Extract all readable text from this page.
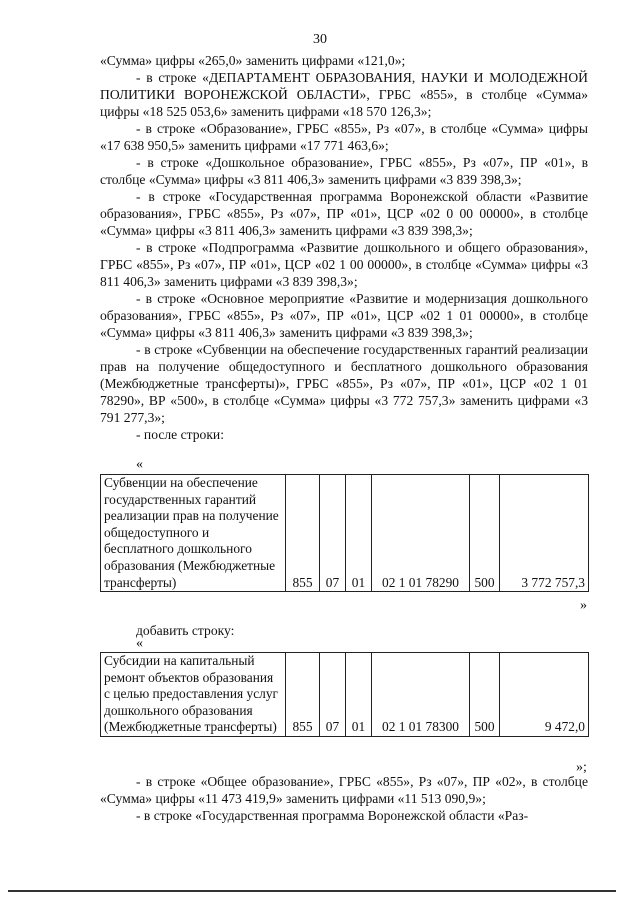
30

«Сумма» цифры «265,0» заменить цифрами «121,0»;

- в строке «ДЕПАРТАМЕНТ ОБРАЗОВАНИЯ, НАУКИ И МОЛОДЕЖНОЙ ПОЛИТИКИ ВОРОНЕЖСКОЙ ОБЛАСТИ», ГРБС «855», в столбце «Сумма» цифры «18 525 053,6» заменить цифрами «18 570 126,3»;

- в строке «Образование», ГРБС «855», Рз «07», в столбце «Сумма» цифры «17 638 950,5» заменить цифрами «17 771 463,6»;

- в строке «Дошкольное образование», ГРБС «855», Рз «07», ПР «01», в столбце «Сумма» цифры «3 811 406,3» заменить цифрами «3 839 398,3»;

- в строке «Государственная программа Воронежской области «Развитие образования», ГРБС «855», Рз «07», ПР «01», ЦСР «02 0 00 00000», в столбце «Сумма» цифры «3 811 406,3» заменить цифрами «3 839 398,3»;

- в строке «Подпрограмма «Развитие дошкольного и общего образования», ГРБС «855», Рз «07», ПР «01», ЦСР «02 1 00 00000», в столбце «Сумма» цифры «3 811 406,3» заменить цифрами «3 839 398,3»;

- в строке «Основное мероприятие «Развитие и модернизация дошкольного образования», ГРБС «855», Рз «07», ПР «01», ЦСР «02 1 01 00000», в столбце «Сумма» цифры «3 811 406,3» заменить цифрами «3 839 398,3»;

- в строке «Субвенции на обеспечение государственных гарантий реализации прав на получение общедоступного и бесплатного дошкольного образования (Межбюджетные трансферты)», ГРБС «855», Рз «07», ПР «01», ЦСР «02 1 01 78290», ВР «500», в столбце «Сумма» цифры «3 772 757,3» заменить цифрами «3 791 277,3»;

- после строки:

«
Субвенции на обеспечение государственных гарантий реализации прав на получение общедоступного и бесплатного дошкольного образования (Межбюджетные трансферты)	855	07	01	02 1 01 78290	500	3 772 757,3
»

добавить строку:

«
Субсидии на капитальный ремонт объектов образования с целью предоставления услуг дошкольного образования (Межбюджетные трансферты)	855	07	01	02 1 01 78300	500	9 472,0
»;

- в строке «Общее образование», ГРБС «855», Рз «07», ПР «02», в столбце «Сумма» цифры «11 473 419,9» заменить цифрами «11 513 090,9»;

- в строке «Государственная программа Воронежской области «Раз-
